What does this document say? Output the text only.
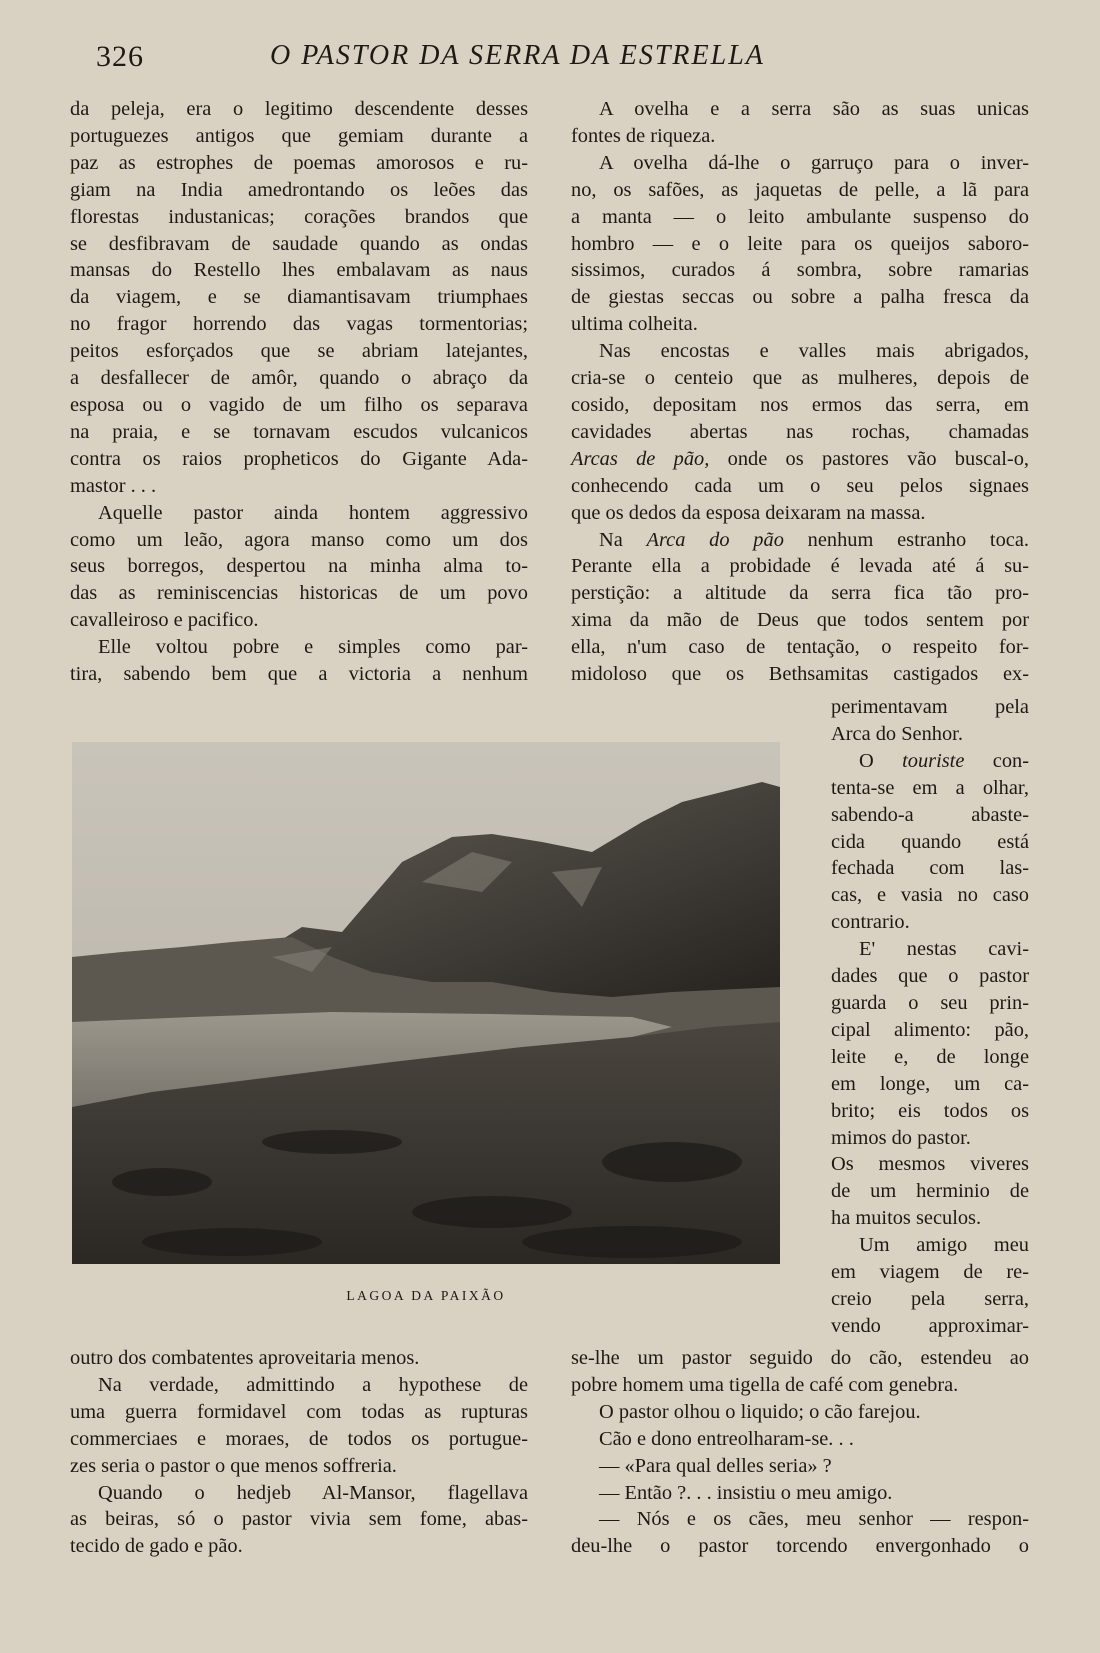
326	O PASTOR DA SERRA DA ESTRELLA

da peleja, era o legitimo descendente desses
portuguezes antigos que gemiam durante a
paz as estrophes de poemas amorosos e ru-
giam na India amedrontando os leões das
florestas industanicas; corações brandos que
se desfibravam de saudade quando as ondas
mansas do Restello lhes embalavam as naus
da viagem, e se diamantisavam triumphaes
no fragor horrendo das vagas tormentorias;
peitos esforçados que se abriam latejantes,
a desfallecer de amôr, quando o abraço da
esposa ou o vagido de um filho os separava
na praia, e se tornavam escudos vulcanicos
contra os raios propheticos do Gigante Ada-
mastor . . .

Aquelle pastor ainda hontem aggressivo
como um leão, agora manso como um dos
seus borregos, despertou na minha alma to-
das as reminiscencias historicas de um povo
cavalleiroso e pacifico.

Elle voltou pobre e simples como par-
tira, sabendo bem que a victoria a nenhum

LAGOA DA PAIXÃO

outro dos combatentes aproveitaria menos.

Na verdade, admittindo a hypothese de
uma guerra formidavel com todas as rupturas
commerciaes e moraes, de todos os portugue-
zes seria o pastor o que menos soffreria.

Quando o hedjeb Al-Mansor, flagellava
as beiras, só o pastor vivia sem fome, abas-
tecido de gado e pão.

A ovelha e a serra são as suas unicas
fontes de riqueza.

A ovelha dá-lhe o garruço para o inver-
no, os safões, as jaquetas de pelle, a lã para
a manta — o leito ambulante suspenso do
hombro — e o leite para os queijos saboro-
sissimos, curados á sombra, sobre ramarias
de giestas seccas ou sobre a palha fresca da
ultima colheita.

Nas encostas e valles mais abrigados,
cria-se o centeio que as mulheres, depois de
cosido, depositam nos ermos das serra, em
cavidades abertas nas rochas, chamadas
Arcas de pão, onde os pastores vão buscal-o,
conhecendo cada um o seu pelos signaes
que os dedos da esposa deixaram na massa.

Na Arca do pão nenhum estranho toca.
Perante ella a probidade é levada até á su-
perstição: a altitude da serra fica tão pro-
xima da mão de Deus que todos sentem por
ella, n'um caso de tentação, o respeito for-
midoloso que os Bethsamitas castigados ex-

perimentavam pela
Arca do Senhor.

O touriste con-
tenta-se em a olhar,
sabendo-a abaste-
cida quando está
fechada com las-
cas, e vasia no caso
contrario.

E' nestas cavi-
dades que o pastor
guarda o seu prin-
cipal alimento: pão,
leite e, de longe
em longe, um ca-
brito; eis todos os
mimos do pastor.
Os mesmos viveres
de um herminio de
ha muitos seculos.

Um amigo meu
em viagem de re-
creio pela serra,
vendo approximar-

se-lhe um pastor seguido do cão, estendeu ao
pobre homem uma tigella de café com genebra.

O pastor olhou o liquido; o cão farejou.

Cão e dono entreolharam-se. . .

— «Para qual delles seria» ?

— Então ?. . . insistiu o meu amigo.

— Nós e os cães, meu senhor — respon-
deu-lhe o pastor torcendo envergonhado o
